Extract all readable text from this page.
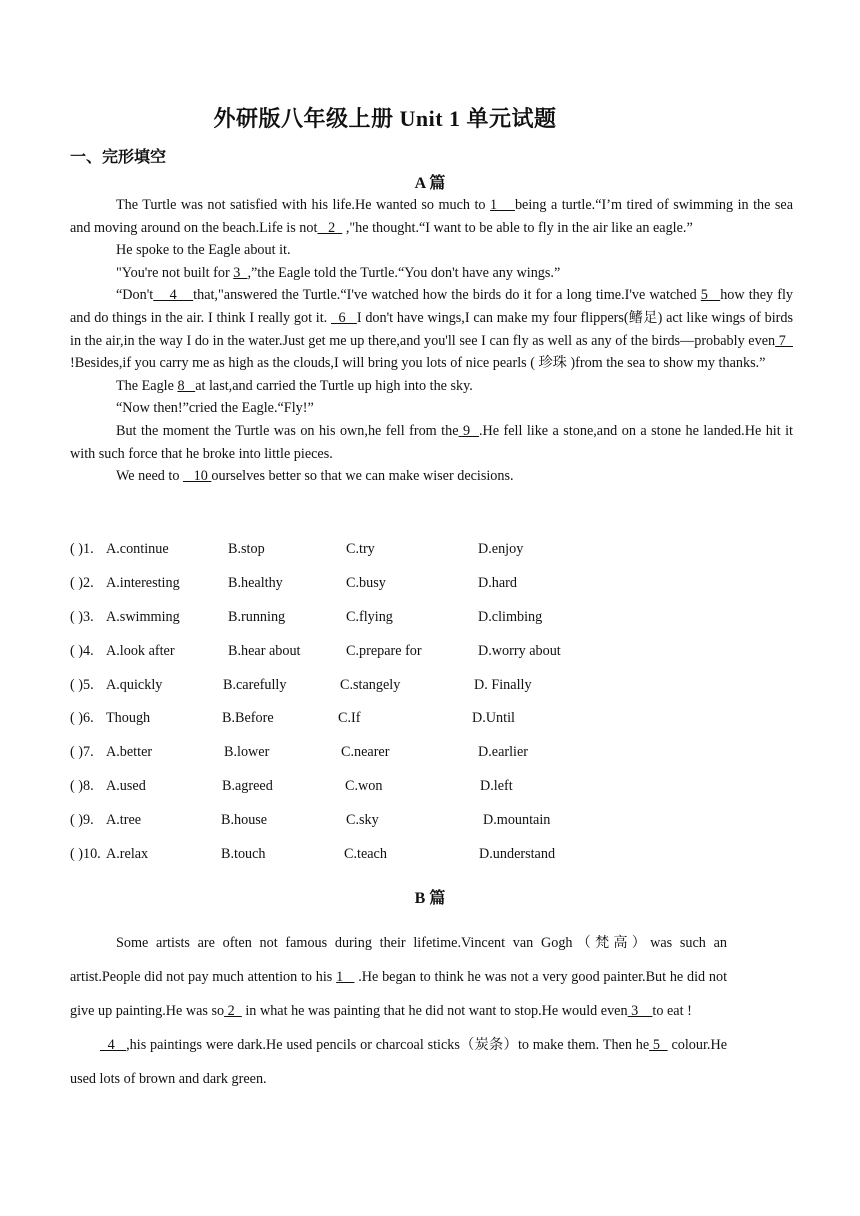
外研版八年级上册 Unit 1 单元试题
一、完形填空
A 篇

The Turtle was not satisfied with his life.He wanted so much to 1    being a turtle.“I’m tired of swimming in the sea and moving around on the beach.Life is not   2   ,"he thought.“I want to be able to fly in the air like an eagle.”

He spoke to the Eagle about it.

"You're not built for 3  ,”the Eagle told the Turtle.“You don't have any wings.”

“Don't    4    that,"answered the Turtle.“I've watched how the birds do it for a long time.I've watched 5   how they fly and do things in the air. I think I really got it.   6   I don't have wings,I can make my four flippers(鳍足) act like wings of birds in the air,in the way I do in the water.Just get me up there,and you'll see I can fly as well as any of the birds—probably even 7   !Besides,if you carry me as high as the clouds,I will bring you lots of nice pearls ( 珍珠 )from the sea to show my thanks.”

The Eagle 8   at last,and carried the Turtle up high into the sky.

“Now then!”cried the Eagle.“Fly!”

But the moment the Turtle was on his own,he fell from the 9  .He fell like a stone,and on a stone he landed.He hit it with such force that he broke into little pieces.

We need to    10 ourselves better so that we can make wiser decisions.

( )1. A.continue	B.stop	C.try	D.enjoy
( )2. A.interesting	B.healthy	C.busy	D.hard
( )3. A.swimming	B.running	C.flying	D.climbing
( )4. A.look after	B.hear about	C.prepare for	D.worry about
( )5. A.quickly	B.carefully	C.stangely	D. Finally
( )6. Though	B.Before	C.If	D.Until
( )7. A.better	B.lower	C.nearer	D.earlier
( )8. A.used	B.agreed	C.won	D.left
( )9. A.tree	B.house	C.sky	D.mountain
( )10. A.relax	B.touch	C.teach	D.understand
B 篇

Some artists are often not famous during their lifetime.Vincent van Gogh（梵高）was such an artist.People did not pay much attention to his 1    .He began to think he was not a very good painter.But he did not give up painting.He was so 2   in what he was painting that he did not want to stop.He would even 3    to eat !

4   ,his paintings were dark.He used pencils or charcoal sticks（炭条）to make them. Then he 5   colour.He used lots of brown and dark green.
